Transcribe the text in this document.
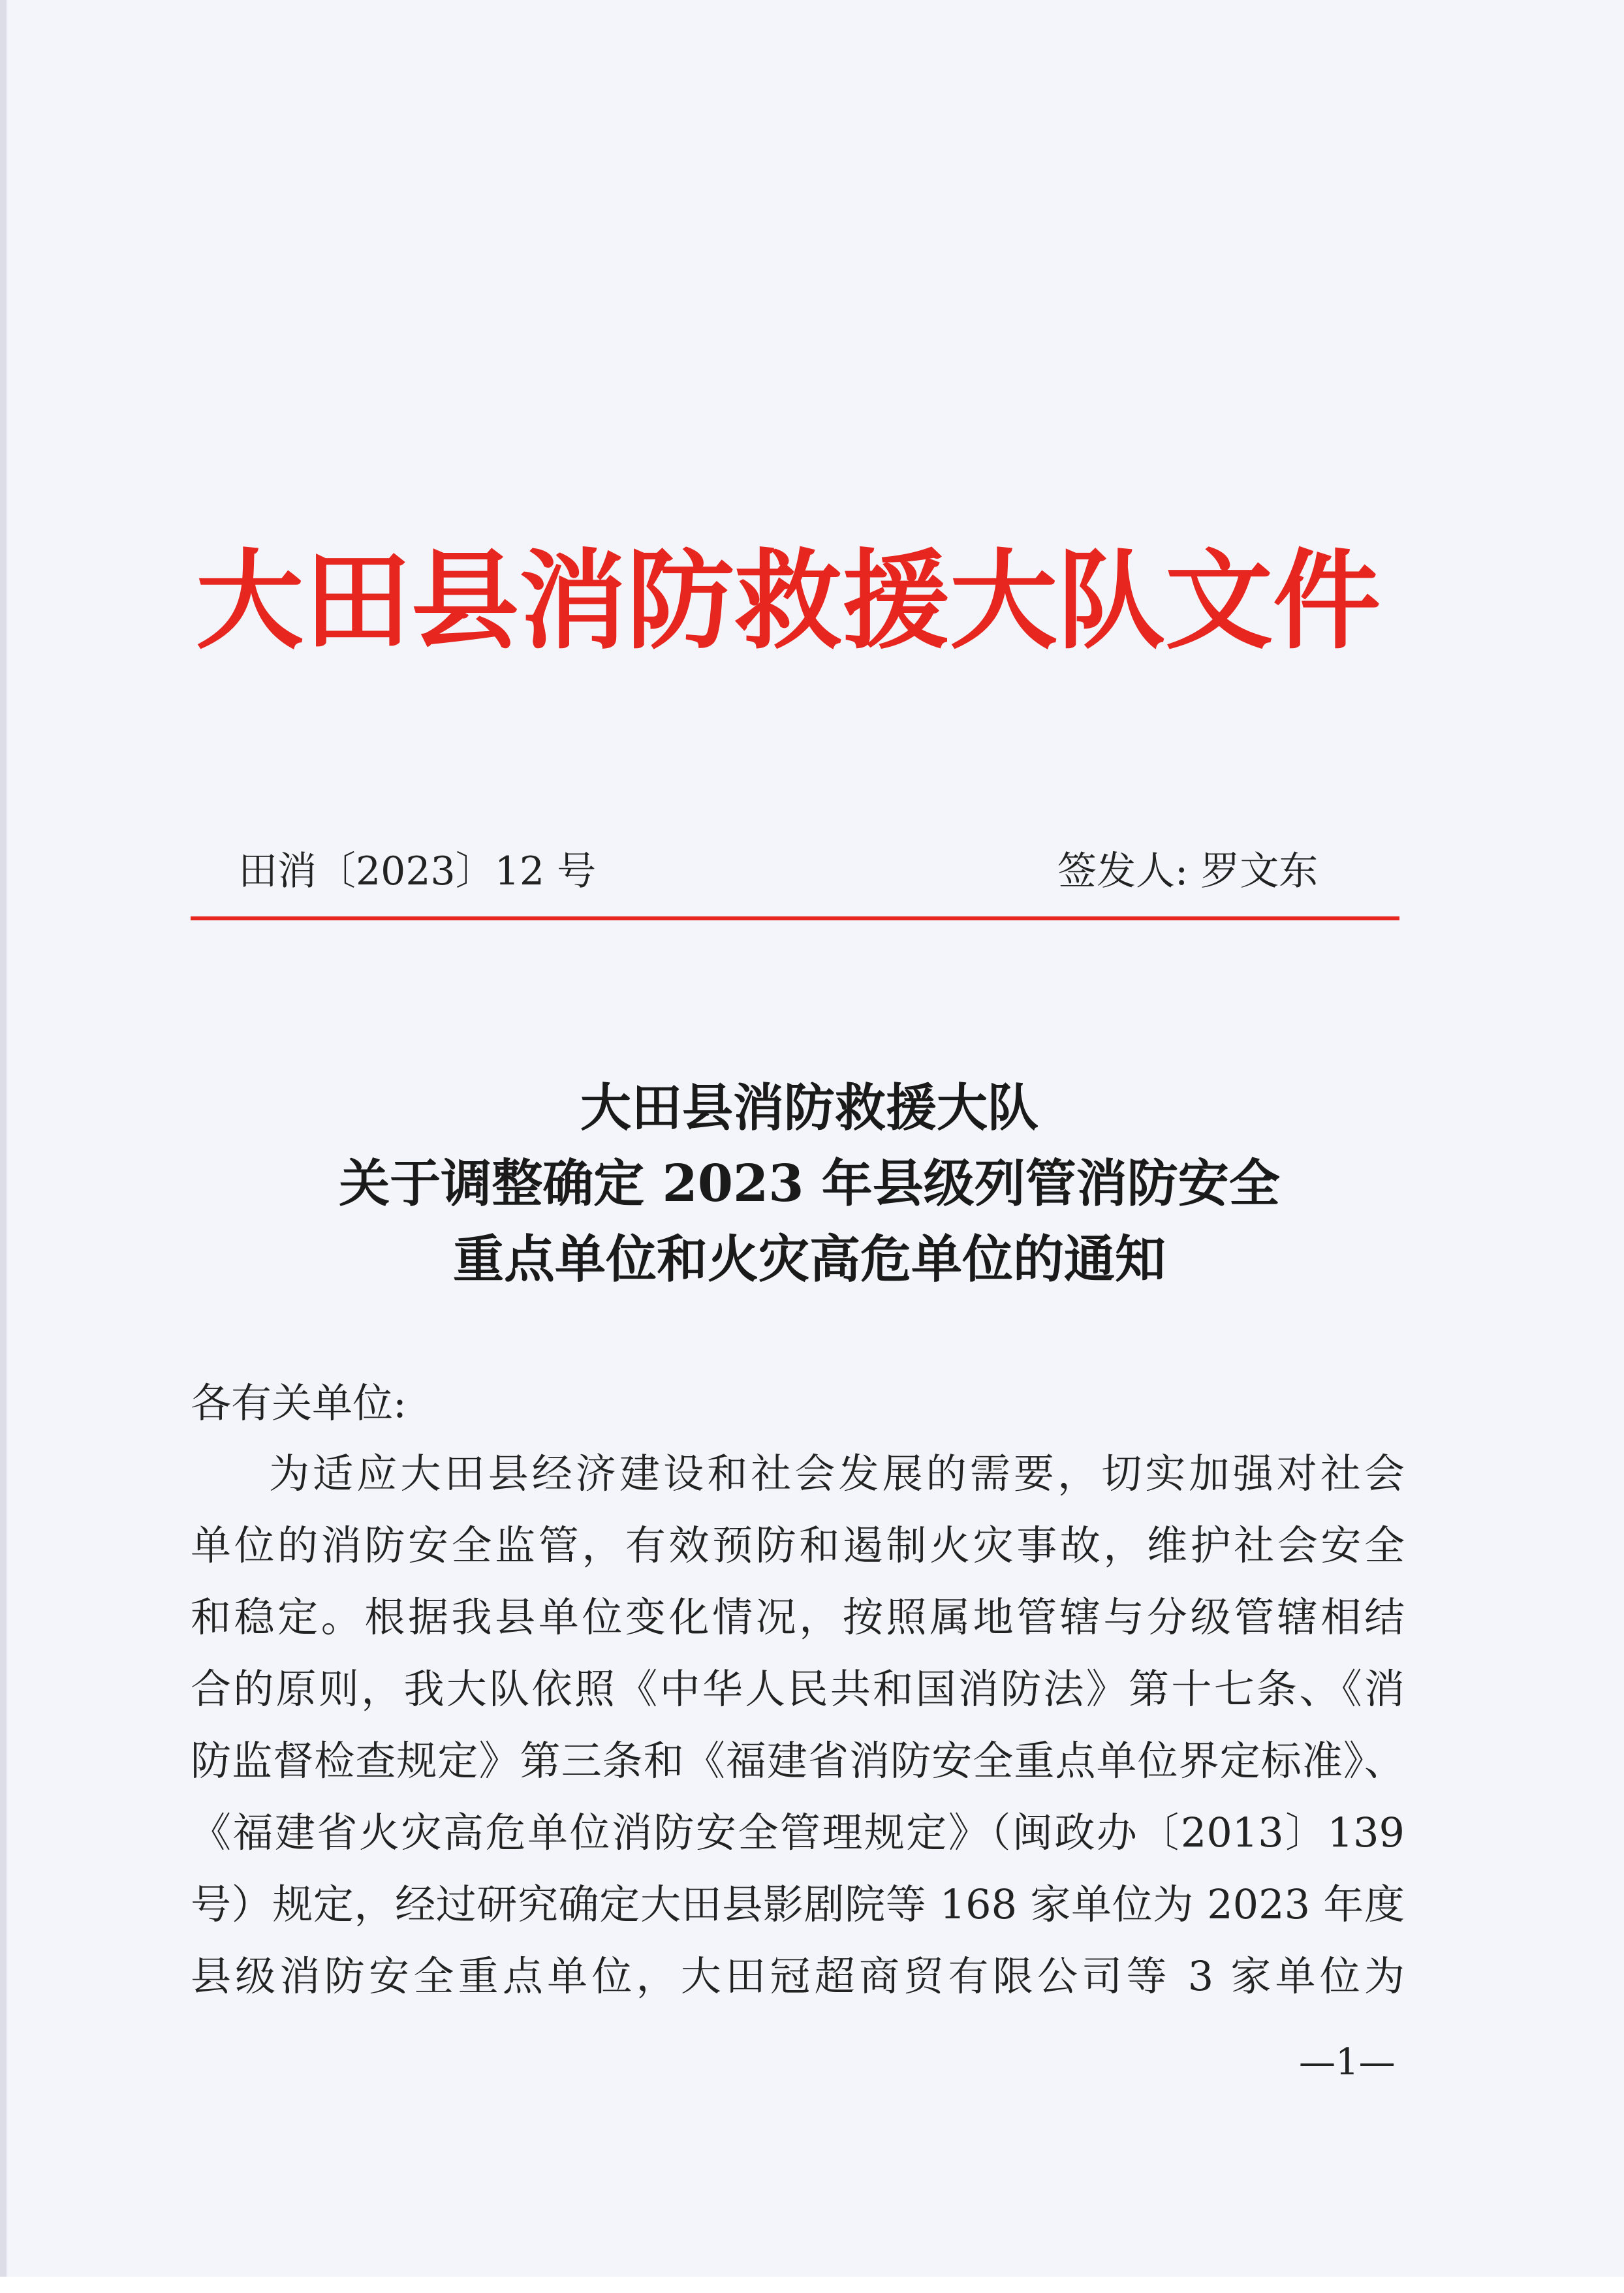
大田县消防救援大队文件
田消〔2023〕12 号	签发人: 罗文东
大田县消防救援大队
关于调整确定 2023 年县级列管消防安全
重点单位和火灾高危单位的通知
各有关单位:
为适应大田县经济建设和社会发展的需要，切实加强对社会
单位的消防安全监管，有效预防和遏制火灾事故，维护社会安全
和稳定。根据我县单位变化情况，按照属地管辖与分级管辖相结
合的原则，我大队依照《中华人民共和国消防法》第十七条、《消
防监督检查规定》第三条和《福建省消防安全重点单位界定标准》、
《福建省火灾高危单位消防安全管理规定》（闽政办〔2013〕139
号）规定，经过研究确定大田县影剧院等 168 家单位为 2023 年度
县级消防安全重点单位，大田冠超商贸有限公司等 3 家单位为
—1—
